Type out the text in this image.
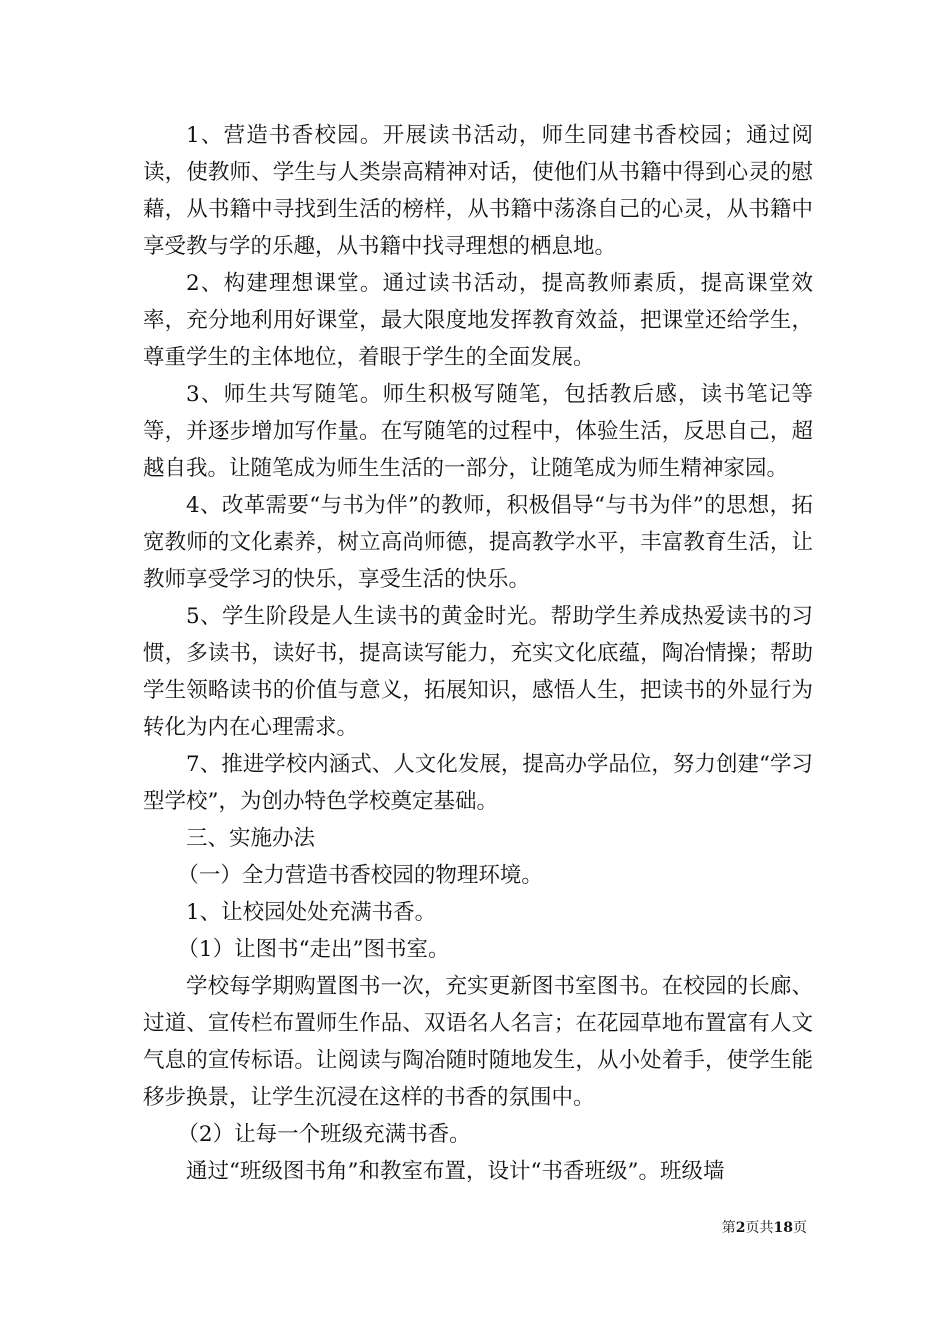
1、营造书香校园。开展读书活动，师生同建书香校园；通过阅读，使教师、学生与人类崇高精神对话，使他们从书籍中得到心灵的慰藉，从书籍中寻找到生活的榜样，从书籍中荡涤自己的心灵，从书籍中享受教与学的乐趣，从书籍中找寻理想的栖息地。

2、构建理想课堂。通过读书活动，提高教师素质，提高课堂效率，充分地利用好课堂，最大限度地发挥教育效益，把课堂还给学生，尊重学生的主体地位，着眼于学生的全面发展。

3、师生共写随笔。师生积极写随笔，包括教后感，读书笔记等等，并逐步增加写作量。在写随笔的过程中，体验生活，反思自己，超越自我。让随笔成为师生生活的一部分，让随笔成为师生精神家园。

4、改革需要“与书为伴”的教师，积极倡导“与书为伴”的思想，拓宽教师的文化素养，树立高尚师德，提高教学水平，丰富教育生活，让教师享受学习的快乐，享受生活的快乐。

5、学生阶段是人生读书的黄金时光。帮助学生养成热爱读书的习惯，多读书，读好书，提高读写能力，充实文化底蕴，陶冶情操；帮助学生领略读书的价值与意义，拓展知识，感悟人生，把读书的外显行为转化为内在心理需求。

7、推进学校内涵式、人文化发展，提高办学品位，努力创建“学习型学校”，为创办特色学校奠定基础。

三、实施办法

（一）全力营造书香校园的物理环境。

1、让校园处处充满书香。

（1）让图书“走出”图书室。

学校每学期购置图书一次，充实更新图书室图书。在校园的长廊、过道、宣传栏布置师生作品、双语名人名言；在花园草地布置富有人文气息的宣传标语。让阅读与陶冶随时随地发生，从小处着手，使学生能移步换景，让学生沉浸在这样的书香的氛围中。

（2）让每一个班级充满书香。

通过“班级图书角”和教室布置，设计“书香班级”。班级墙

第2页共18页
